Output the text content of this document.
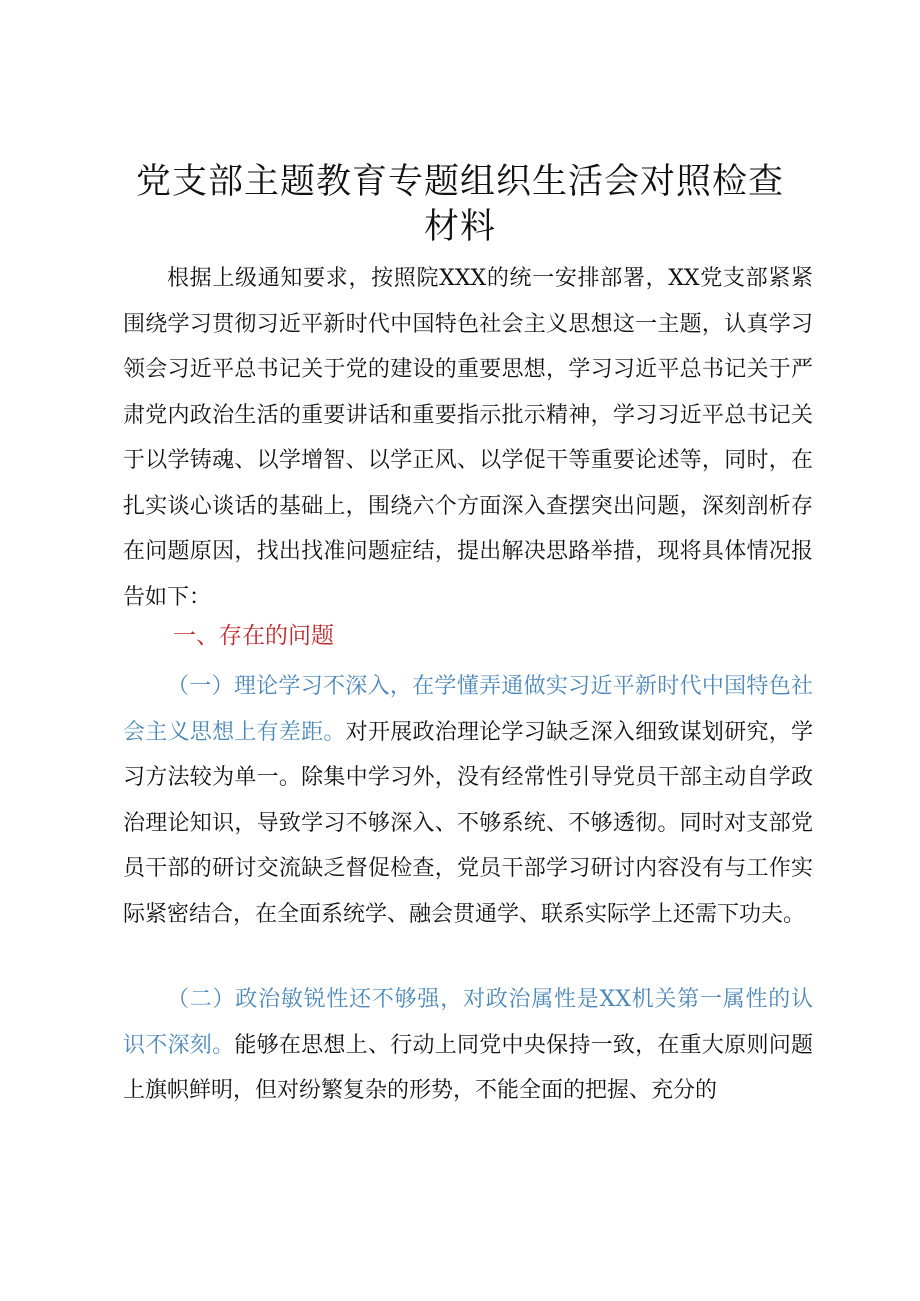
党支部主题教育专题组织生活会对照检查材料

根据上级通知要求，按照院XXX的统一安排部署，XX党支部紧紧围绕学习贯彻习近平新时代中国特色社会主义思想这一主题，认真学习领会习近平总书记关于党的建设的重要思想，学习习近平总书记关于严肃党内政治生活的重要讲话和重要指示批示精神，学习习近平总书记关于以学铸魂、以学增智、以学正风、以学促干等重要论述等，同时，在扎实谈心谈话的基础上，围绕六个方面深入查摆突出问题，深刻剖析存在问题原因，找出找准问题症结，提出解决思路举措，现将具体情况报告如下：

一、存在的问题

（一）理论学习不深入，在学懂弄通做实习近平新时代中国特色社会主义思想上有差距。对开展政治理论学习缺乏深入细致谋划研究，学习方法较为单一。除集中学习外，没有经常性引导党员干部主动自学政治理论知识，导致学习不够深入、不够系统、不够透彻。同时对支部党员干部的研讨交流缺乏督促检查，党员干部学习研讨内容没有与工作实际紧密结合，在全面系统学、融会贯通学、联系实际学上还需下功夫。

（二）政治敏锐性还不够强，对政治属性是XX机关第一属性的认识不深刻。能够在思想上、行动上同党中央保持一致，在重大原则问题上旗帜鲜明，但对纷繁复杂的形势，不能全面的把握、充分的
